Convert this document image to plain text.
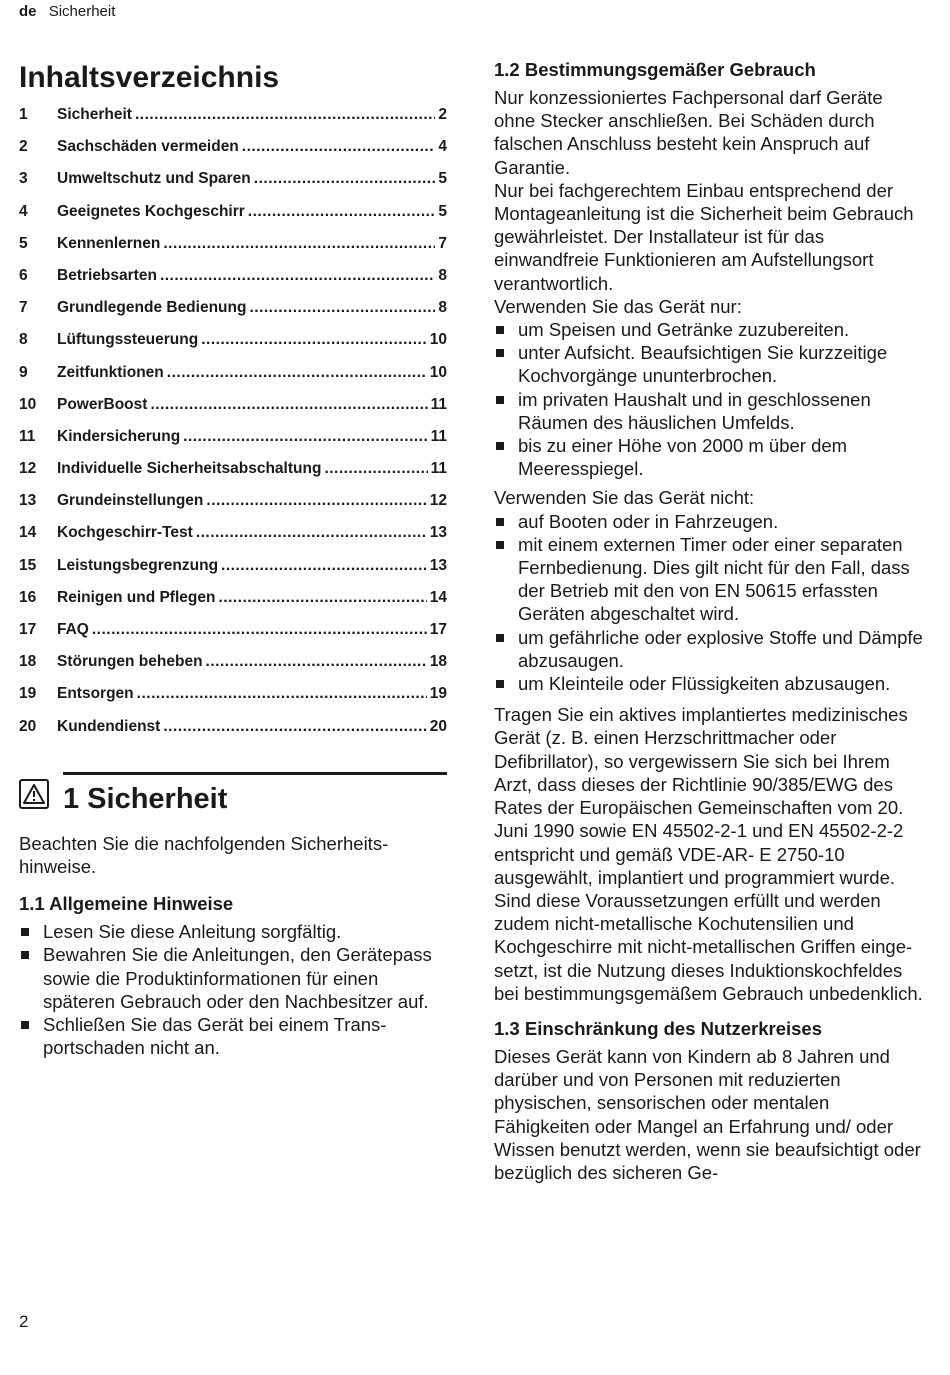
de Sicherheit
Inhaltsverzeichnis
1	Sicherheit .....	2
2	Sachschäden vermeiden .....	4
3	Umweltschutz und Sparen .....	5
4	Geeignetes Kochgeschirr .....	5
5	Kennenlernen .....	7
6	Betriebsarten .....	8
7	Grundlegende Bedienung .....	8
8	Lüftungssteuerung .....	10
9	Zeitfunktionen .....	10
10	PowerBoost .....	11
11	Kindersicherung .....	11
12	Individuelle Sicherheitsabschaltung .....	11
13	Grundeinstellungen .....	12
14	Kochgeschirr-Test .....	13
15	Leistungsbegrenzung .....	13
16	Reinigen und Pflegen .....	14
17	FAQ .....	17
18	Störungen beheben .....	18
19	Entsorgen .....	19
20	Kundendienst .....	20
1 Sicherheit

Beachten Sie die nachfolgenden Sicherheitshinweise.

1.1 Allgemeine Hinweise
Lesen Sie diese Anleitung sorgfältig.
Bewahren Sie die Anleitungen, den Gerätepass sowie die Produktinformationen für einen späteren Gebrauch oder den Nachbesitzer auf.
Schließen Sie das Gerät bei einem Transportschaden nicht an.
1.2 Bestimmungsgemäßer Gebrauch

Nur konzessioniertes Fachpersonal darf Geräte ohne Stecker anschließen. Bei Schäden durch falschen Anschluss besteht kein Anspruch auf Garantie.

Nur bei fachgerechtem Einbau entsprechend der Montageanleitung ist die Sicherheit beim Gebrauch gewährleistet. Der Installateur ist für das einwandfreie Funktionieren am Aufstellungsort verantwortlich.

Verwenden Sie das Gerät nur:

um Speisen und Getränke zuzubereiten.
unter Aufsicht. Beaufsichtigen Sie kurzzeitige Kochvorgänge ununterbrochen.
im privaten Haushalt und in geschlossenen Räumen des häuslichen Umfelds.
bis zu einer Höhe von 2000 m über dem Meeresspiegel.

Verwenden Sie das Gerät nicht:

auf Booten oder in Fahrzeugen.
mit einem externen Timer oder einer separaten Fernbedienung. Dies gilt nicht für den Fall, dass der Betrieb mit den von EN 50615 erfassten Geräten abgeschaltet wird.
um gefährliche oder explosive Stoffe und Dämpfe abzusaugen.
um Kleinteile oder Flüssigkeiten abzusaugen.

Tragen Sie ein aktives implantiertes medizinisches Gerät (z. B. einen Herzschrittmacher oder Defibrillator), so vergewissern Sie sich bei Ihrem Arzt, dass dieses der Richtlinie 90/385/EWG des Rates der Europäischen Gemeinschaften vom 20. Juni 1990 sowie EN 45502-2-1 und EN 45502-2-2 entspricht und gemäß VDE-AR- E 2750-10 ausgewählt, implantiert und programmiert wurde. Sind diese Voraussetzungen erfüllt und werden zudem nicht-metallische Kochutensilien und Kochgeschirre mit nicht-metallischen Griffen eingesetzt, ist die Nutzung dieses Induktionskochfeldes bei bestimmungsgemäßem Gebrauch unbedenklich.

1.3 Einschränkung des Nutzerkreises

Dieses Gerät kann von Kindern ab 8 Jahren und darüber und von Personen mit reduzierten physischen, sensorischen oder mentalen Fähigkeiten oder Mangel an Erfahrung und/ oder Wissen benutzt werden, wenn sie beaufsichtigt oder bezüglich des sicheren Ge-

2
